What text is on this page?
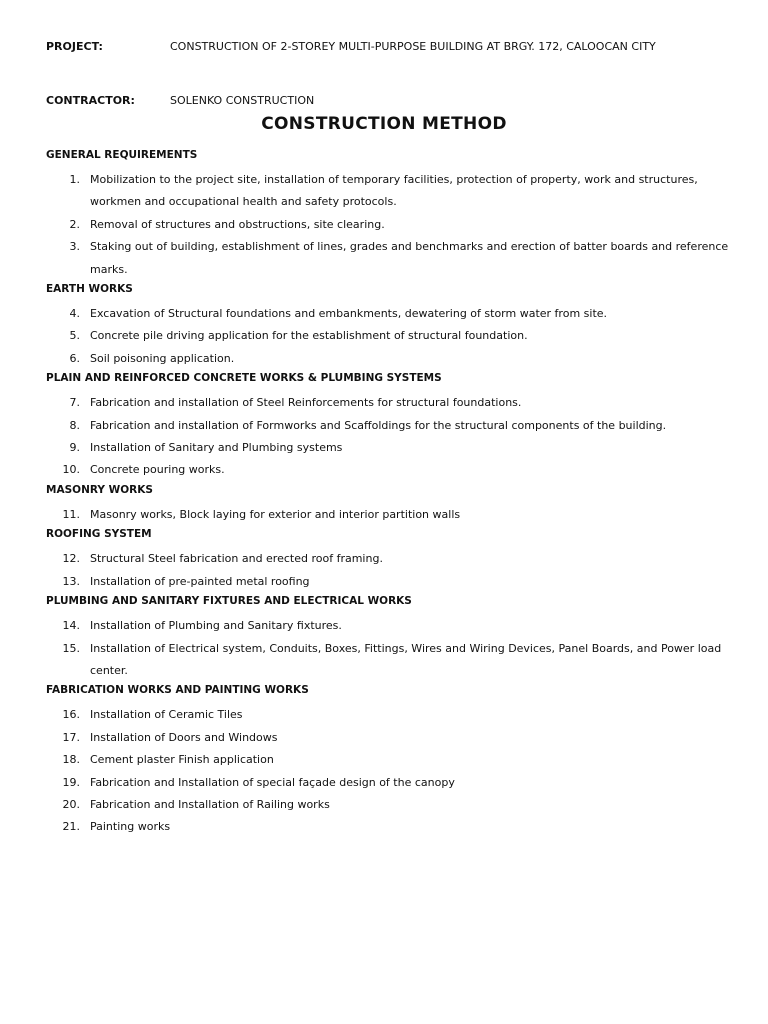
PROJECT:	CONSTRUCTION OF 2-STOREY MULTI-PURPOSE BUILDING AT BRGY. 172, CALOOCAN CITY
CONTRACTOR:	SOLENKO CONSTRUCTION
CONSTRUCTION METHOD
GENERAL REQUIREMENTS
1. Mobilization to the project site, installation of temporary facilities, protection of property, work and structures, workmen and occupational health and safety protocols.
2. Removal of structures and obstructions, site clearing.
3. Staking out of building, establishment of lines, grades and benchmarks and erection of batter boards and reference marks.
EARTH WORKS
4. Excavation of Structural foundations and embankments, dewatering of storm water from site.
5. Concrete pile driving application for the establishment of structural foundation.
6. Soil poisoning application.
PLAIN AND REINFORCED CONCRETE WORKS & PLUMBING SYSTEMS
7. Fabrication and installation of Steel Reinforcements for structural foundations.
8. Fabrication and installation of Formworks and Scaffoldings for the structural components of the building.
9. Installation of Sanitary and Plumbing systems
10. Concrete pouring works.
MASONRY WORKS
11. Masonry works, Block laying for exterior and interior partition walls
ROOFING SYSTEM
12. Structural Steel fabrication and erected roof framing.
13. Installation of pre-painted metal roofing
PLUMBING AND SANITARY FIXTURES AND ELECTRICAL WORKS
14. Installation of Plumbing and Sanitary fixtures.
15. Installation of Electrical system, Conduits, Boxes, Fittings, Wires and Wiring Devices, Panel Boards, and Power load center.
FABRICATION WORKS AND PAINTING WORKS
16. Installation of Ceramic Tiles
17. Installation of Doors and Windows
18. Cement plaster Finish application
19. Fabrication and Installation of special façade design of the canopy
20. Fabrication and Installation of Railing works
21. Painting works
